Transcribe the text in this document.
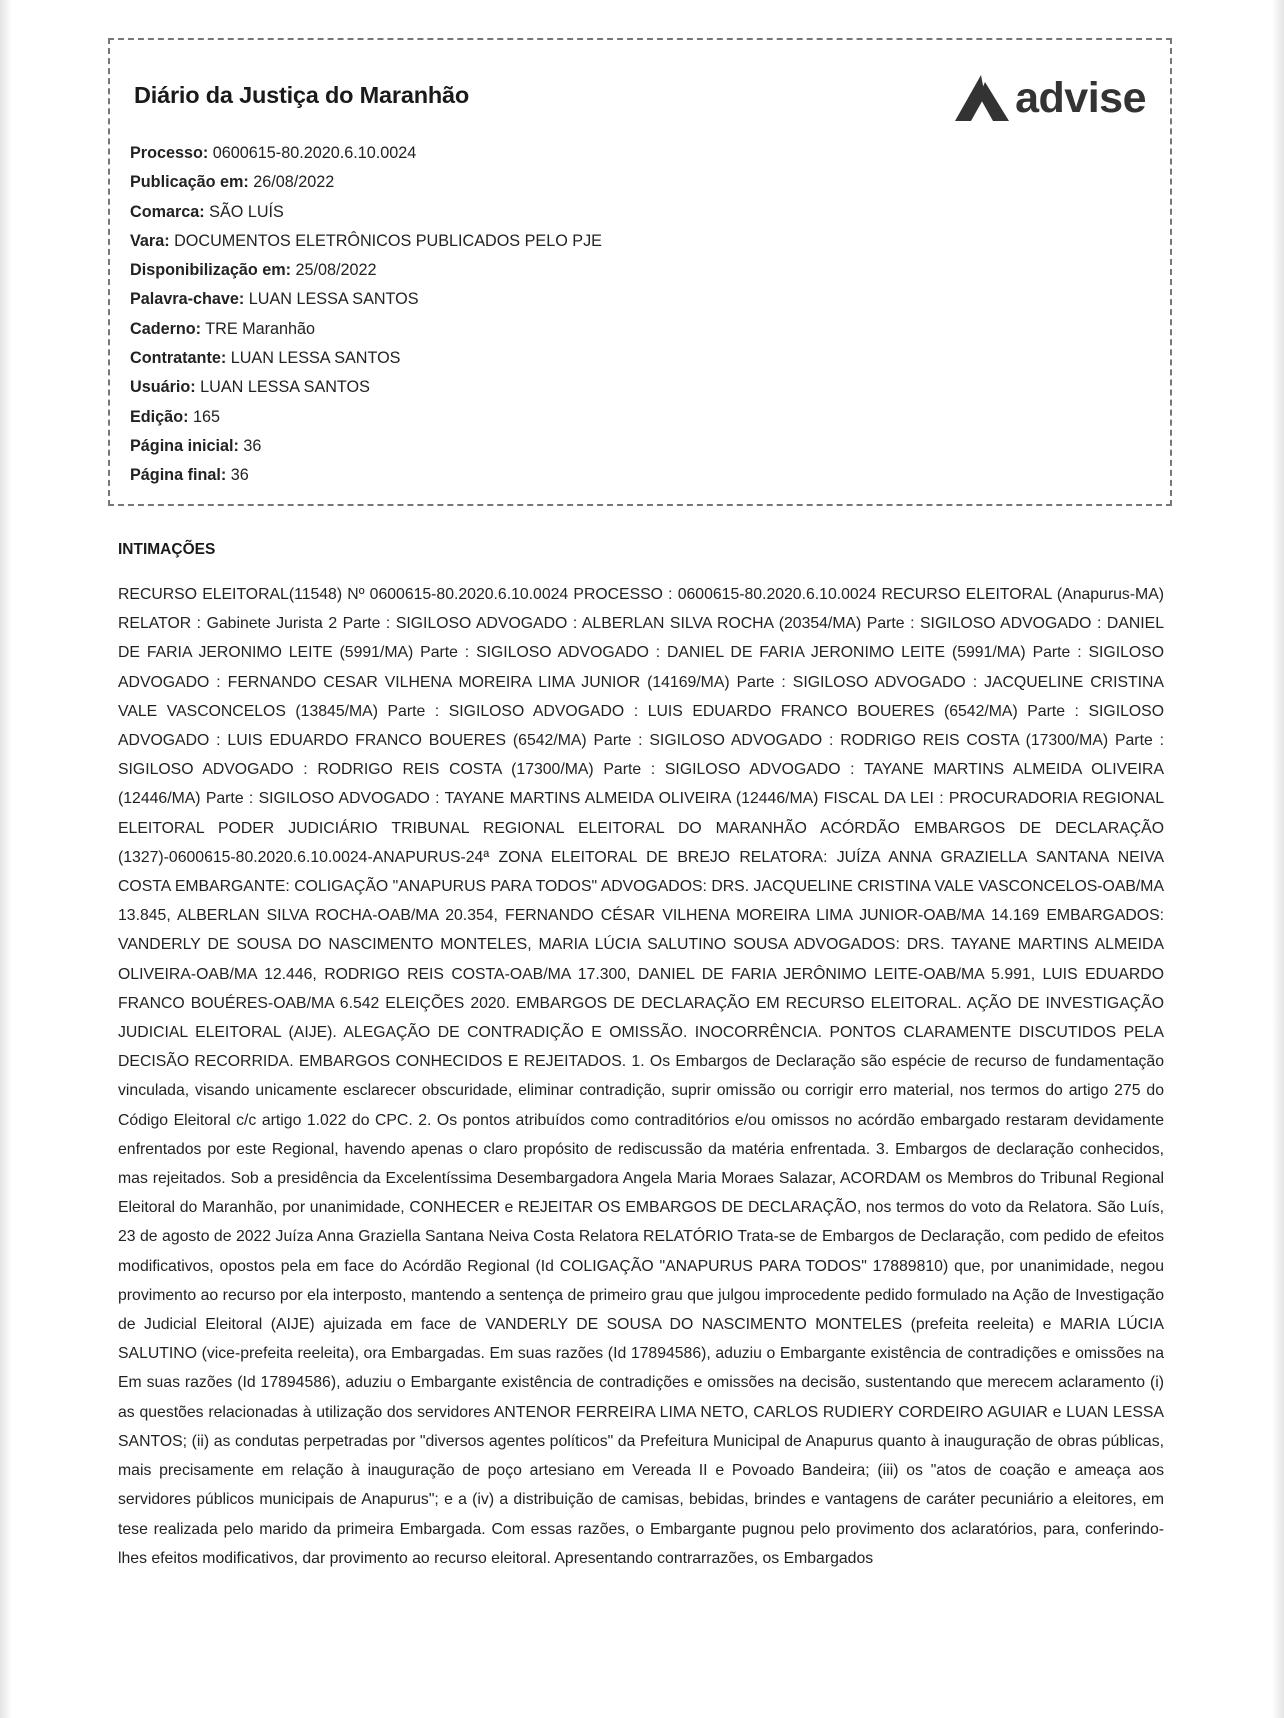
Diário da Justiça do Maranhão	advise
Processo: 0600615-80.2020.6.10.0024
Publicação em: 26/08/2022
Comarca: SÃO LUÍS
Vara: DOCUMENTOS ELETRÔNICOS PUBLICADOS PELO PJE
Disponibilização em: 25/08/2022
Palavra-chave: LUAN LESSA SANTOS
Caderno: TRE Maranhão
Contratante: LUAN LESSA SANTOS
Usuário: LUAN LESSA SANTOS
Edição: 165
Página inicial: 36
Página final: 36
INTIMAÇÕES

RECURSO ELEITORAL(11548) Nº 0600615-80.2020.6.10.0024 PROCESSO : 0600615-80.2020.6.10.0024 RECURSO ELEITORAL (Anapurus-MA) RELATOR : Gabinete Jurista 2 Parte : SIGILOSO ADVOGADO : ALBERLAN SILVA ROCHA (20354/MA) Parte : SIGILOSO ADVOGADO : DANIEL DE FARIA JERONIMO LEITE (5991/MA) Parte : SIGILOSO ADVOGADO : DANIEL DE FARIA JERONIMO LEITE (5991/MA) Parte : SIGILOSO ADVOGADO : FERNANDO CESAR VILHENA MOREIRA LIMA JUNIOR (14169/MA) Parte : SIGILOSO ADVOGADO : JACQUELINE CRISTINA VALE VASCONCELOS (13845/MA) Parte : SIGILOSO ADVOGADO : LUIS EDUARDO FRANCO BOUERES (6542/MA) Parte : SIGILOSO ADVOGADO : LUIS EDUARDO FRANCO BOUERES (6542/MA) Parte : SIGILOSO ADVOGADO : RODRIGO REIS COSTA (17300/MA) Parte : SIGILOSO ADVOGADO : RODRIGO REIS COSTA (17300/MA) Parte : SIGILOSO ADVOGADO : TAYANE MARTINS ALMEIDA OLIVEIRA (12446/MA) Parte : SIGILOSO ADVOGADO : TAYANE MARTINS ALMEIDA OLIVEIRA (12446/MA) FISCAL DA LEI : PROCURADORIA REGIONAL ELEITORAL PODER JUDICIÁRIO TRIBUNAL REGIONAL ELEITORAL DO MARANHÃO ACÓRDÃO EMBARGOS DE DECLARAÇÃO (1327)-0600615-80.2020.6.10.0024-ANAPURUS-24ª ZONA ELEITORAL DE BREJO RELATORA: JUÍZA ANNA GRAZIELLA SANTANA NEIVA COSTA EMBARGANTE: COLIGAÇÃO "ANAPURUS PARA TODOS" ADVOGADOS: DRS. JACQUELINE CRISTINA VALE VASCONCELOS-OAB/MA 13.845, ALBERLAN SILVA ROCHA-OAB/MA 20.354, FERNANDO CÉSAR VILHENA MOREIRA LIMA JUNIOR-OAB/MA 14.169 EMBARGADOS: VANDERLY DE SOUSA DO NASCIMENTO MONTELES, MARIA LÚCIA SALUTINO SOUSA ADVOGADOS: DRS. TAYANE MARTINS ALMEIDA OLIVEIRA-OAB/MA 12.446, RODRIGO REIS COSTA-OAB/MA 17.300, DANIEL DE FARIA JERÔNIMO LEITE-OAB/MA 5.991, LUIS EDUARDO FRANCO BOUÉRES-OAB/MA 6.542 ELEIÇÕES 2020. EMBARGOS DE DECLARAÇÃO EM RECURSO ELEITORAL. AÇÃO DE INVESTIGAÇÃO JUDICIAL ELEITORAL (AIJE). ALEGAÇÃO DE CONTRADIÇÃO E OMISSÃO. INOCORRÊNCIA. PONTOS CLARAMENTE DISCUTIDOS PELA DECISÃO RECORRIDA. EMBARGOS CONHECIDOS E REJEITADOS. 1. Os Embargos de Declaração são espécie de recurso de fundamentação vinculada, visando unicamente esclarecer obscuridade, eliminar contradição, suprir omissão ou corrigir erro material, nos termos do artigo 275 do Código Eleitoral c/c artigo 1.022 do CPC. 2. Os pontos atribuídos como contraditórios e/ou omissos no acórdão embargado restaram devidamente enfrentados por este Regional, havendo apenas o claro propósito de rediscussão da matéria enfrentada. 3. Embargos de declaração conhecidos, mas rejeitados. Sob a presidência da Excelentíssima Desembargadora Angela Maria Moraes Salazar, ACORDAM os Membros do Tribunal Regional Eleitoral do Maranhão, por unanimidade, CONHECER e REJEITAR OS EMBARGOS DE DECLARAÇÃO, nos termos do voto da Relatora. São Luís, 23 de agosto de 2022 Juíza Anna Graziella Santana Neiva Costa Relatora RELATÓRIO Trata-se de Embargos de Declaração, com pedido de efeitos modificativos, opostos pela em face do Acórdão Regional (Id COLIGAÇÃO "ANAPURUS PARA TODOS" 17889810) que, por unanimidade, negou provimento ao recurso por ela interposto, mantendo a sentença de primeiro grau que julgou improcedente pedido formulado na Ação de Investigação de Judicial Eleitoral (AIJE) ajuizada em face de VANDERLY DE SOUSA DO NASCIMENTO MONTELES (prefeita reeleita) e MARIA LÚCIA SALUTINO (vice-prefeita reeleita), ora Embargadas. Em suas razões (Id 17894586), aduziu o Embargante existência de contradições e omissões na Em suas razões (Id 17894586), aduziu o Embargante existência de contradições e omissões na decisão, sustentando que merecem aclaramento (i) as questões relacionadas à utilização dos servidores ANTENOR FERREIRA LIMA NETO, CARLOS RUDIERY CORDEIRO AGUIAR e LUAN LESSA SANTOS; (ii) as condutas perpetradas por "diversos agentes políticos" da Prefeitura Municipal de Anapurus quanto à inauguração de obras públicas, mais precisamente em relação à inauguração de poço artesiano em Vereada II e Povoado Bandeira; (iii) os "atos de coação e ameaça aos servidores públicos municipais de Anapurus"; e a (iv) a distribuição de camisas, bebidas, brindes e vantagens de caráter pecuniário a eleitores, em tese realizada pelo marido da primeira Embargada. Com essas razões, o Embargante pugnou pelo provimento dos aclaratórios, para, conferindo-lhes efeitos modificativos, dar provimento ao recurso eleitoral. Apresentando contrarrazões, os Embargados
